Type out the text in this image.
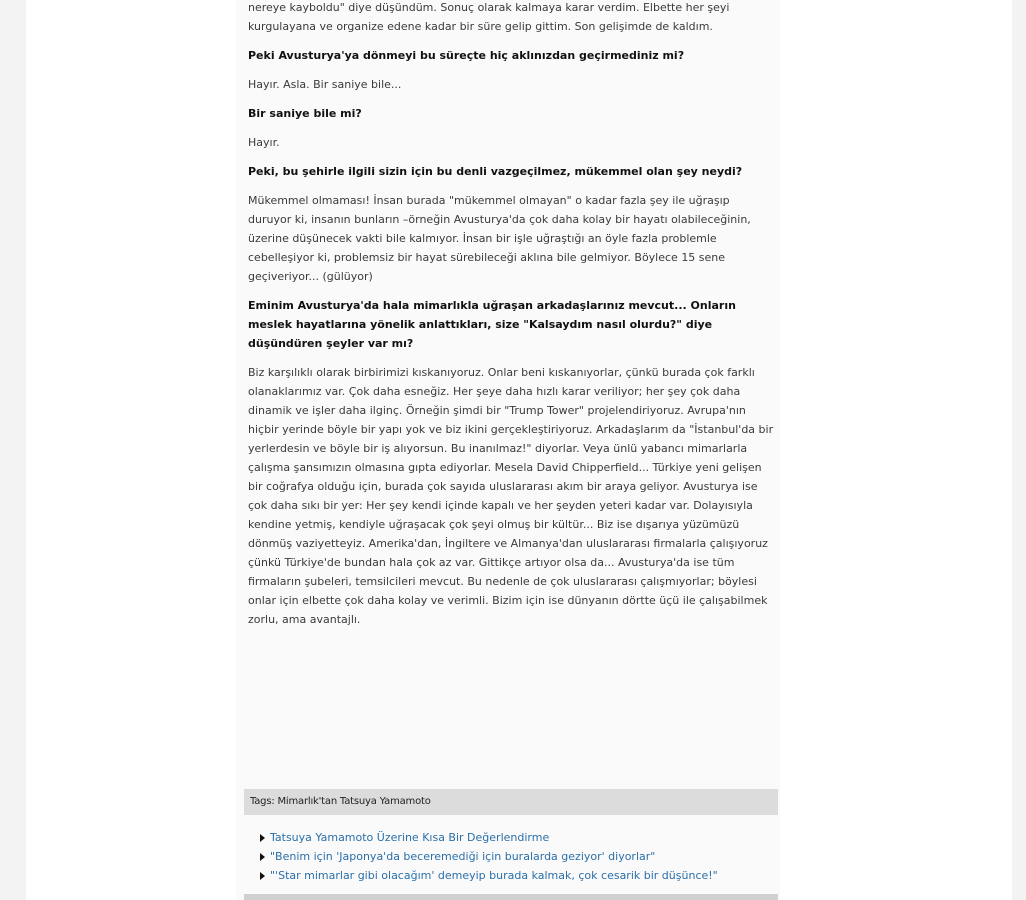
nereye kayboldu" diye düşündüm. Sonuç olarak kalmaya karar verdim. Elbette her şeyi kurgulayana ve organize edene kadar bir süre gelip gittim. Son gelişimde de kaldım.

Peki Avusturya'ya dönmeyi bu süreçte hiç aklınızdan geçirmediniz mi?

Hayır. Asla. Bir saniye bile...

Bir saniye bile mi?

Hayır.

Peki, bu şehirle ilgili sizin için bu denli vazgeçilmez, mükemmel olan şey neydi?

Mükemmel olmaması! İnsan burada "mükemmel olmayan" o kadar fazla şey ile uğraşıp duruyor ki, insanın bunların –örneğin Avusturya'da çok daha kolay bir hayatı olabileceğinin, üzerine düşünecek vakti bile kalmıyor. İnsan bir işle uğraştığı an öyle fazla problemle cebelleşiyor ki, problemsiz bir hayat sürebileceği aklına bile gelmiyor. Böylece 15 sene geçiveriyor... (gülüyor)

Eminim Avusturya'da hala mimarlıkla uğraşan arkadaşlarınız mevcut... Onların meslek hayatlarına yönelik anlattıkları, size "Kalsaydım nasıl olurdu?" diye düşündüren şeyler var mı?

Biz karşılıklı olarak birbirimizi kıskanıyoruz. Onlar beni kıskanıyorlar, çünkü burada çok farklı olanaklarımız var. Çok daha esneğiz. Her şeye daha hızlı karar veriliyor; her şey çok daha dinamik ve işler daha ilginç. Örneğin şimdi bir "Trump Tower" projelendiriyoruz. Avrupa'nın hiçbir yerinde böyle bir yapı yok ve biz ikini gerçekleştiriyoruz. Arkadaşlarım da "İstanbul'da bir yerlerdesin ve böyle bir iş alıyorsun. Bu inanılmaz!" diyorlar. Veya ünlü yabancı mimarlarla çalışma şansımızın olmasına gıpta ediyorlar. Mesela David Chipperfield... Türkiye yeni gelişen bir coğrafya olduğu için, burada çok sayıda uluslararası akım bir araya geliyor. Avusturya ise çok daha sıkı bir yer: Her şey kendi içinde kapalı ve her şeyden yeteri kadar var. Dolayısıyla kendine yetmiş, kendiyle uğraşacak çok şeyi olmuş bir kültür... Biz ise dışarıya yüzümüzü dönmüş vaziyetteyiz. Amerika'dan, İngiltere ve Almanya'dan uluslararası firmalarla çalışıyoruz çünkü Türkiye'de bundan hala çok az var. Gittikçe artıyor olsa da... Avusturya'da ise tüm firmaların şubeleri, temsilcileri mevcut. Bu nedenle de çok uluslararası çalışmıyorlar; böylesi onlar için elbette çok daha kolay ve verimli. Bizim için ise dünyanın dörtte üçü ile çalışabilmek zorlu, ama avantajlı.

Tags: Mimarlık'tan Tatsuya Yamamoto
Tatsuya Yamamoto Üzerine Kısa Bir Değerlendirme
"Benim için 'Japonya'da beceremediği için buralarda geziyor' diyorlar"
"'Star mimarlar gibi olacağım' demeyip burada kalmak, çok cesarik bir düşünce!"
